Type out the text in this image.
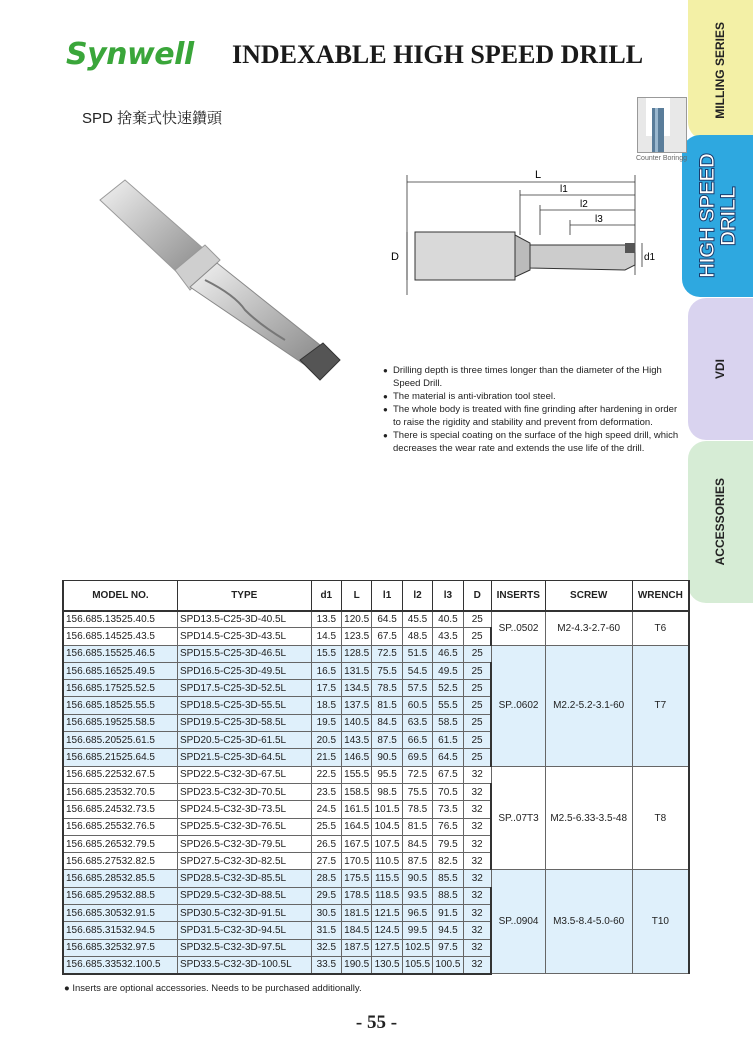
Synwell INDEXABLE HIGH SPEED DRILL
SPD 捨棄式快速鑽頭
MILLING SERIES
HIGH SPEED DRILL
VDI
ACCESSORIES
Counter Boringg
L
l1
l2
l3
D	d1
● Drilling depth is three times longer than the diameter of the High Speed Drill.
● The material is anti-vibration tool steel.
● The whole body is treated with fine grinding after hardening in order to raise the rigidity and stability and prevent from deformation.
● There is special coating on the surface of the high speed drill, which decreases the wear rate and extends the use life of the drill.
MODEL NO.	TYPE	d1	L	l1	l2	l3	D	INSERTS	SCREW	WRENCH
156.685.13525.40.5	SPD13.5-C25-3D-40.5L	13.5	120.5	64.5	45.5	40.5	25	SP..0502	M2-4.3-2.7-60	T6
156.685.14525.43.5	SPD14.5-C25-3D-43.5L	14.5	123.5	67.5	48.5	43.5	25			
156.685.15525.46.5	SPD15.5-C25-3D-46.5L	15.5	128.5	72.5	51.5	46.5	25	SP..0602	M2.2-5.2-3.1-60	T7
156.685.16525.49.5	SPD16.5-C25-3D-49.5L	16.5	131.5	75.5	54.5	49.5	25			
156.685.17525.52.5	SPD17.5-C25-3D-52.5L	17.5	134.5	78.5	57.5	52.5	25			
156.685.18525.55.5	SPD18.5-C25-3D-55.5L	18.5	137.5	81.5	60.5	55.5	25			
156.685.19525.58.5	SPD19.5-C25-3D-58.5L	19.5	140.5	84.5	63.5	58.5	25			
156.685.20525.61.5	SPD20.5-C25-3D-61.5L	20.5	143.5	87.5	66.5	61.5	25			
156.685.21525.64.5	SPD21.5-C25-3D-64.5L	21.5	146.5	90.5	69.5	64.5	25			
156.685.22532.67.5	SPD22.5-C32-3D-67.5L	22.5	155.5	95.5	72.5	67.5	32	SP..07T3	M2.5-6.33-3.5-48	T8
156.685.23532.70.5	SPD23.5-C32-3D-70.5L	23.5	158.5	98.5	75.5	70.5	32			
156.685.24532.73.5	SPD24.5-C32-3D-73.5L	24.5	161.5	101.5	78.5	73.5	32			
156.685.25532.76.5	SPD25.5-C32-3D-76.5L	25.5	164.5	104.5	81.5	76.5	32			
156.685.26532.79.5	SPD26.5-C32-3D-79.5L	26.5	167.5	107.5	84.5	79.5	32			
156.685.27532.82.5	SPD27.5-C32-3D-82.5L	27.5	170.5	110.5	87.5	82.5	32			
156.685.28532.85.5	SPD28.5-C32-3D-85.5L	28.5	175.5	115.5	90.5	85.5	32	SP..0904	M3.5-8.4-5.0-60	T10
156.685.29532.88.5	SPD29.5-C32-3D-88.5L	29.5	178.5	118.5	93.5	88.5	32			
156.685.30532.91.5	SPD30.5-C32-3D-91.5L	30.5	181.5	121.5	96.5	91.5	32			
156.685.31532.94.5	SPD31.5-C32-3D-94.5L	31.5	184.5	124.5	99.5	94.5	32			
156.685.32532.97.5	SPD32.5-C32-3D-97.5L	32.5	187.5	127.5	102.5	97.5	32			
156.685.33532.100.5	SPD33.5-C32-3D-100.5L	33.5	190.5	130.5	105.5	100.5	32			
● Inserts are optional accessories. Needs to be purchased additionally.
- 55 -
